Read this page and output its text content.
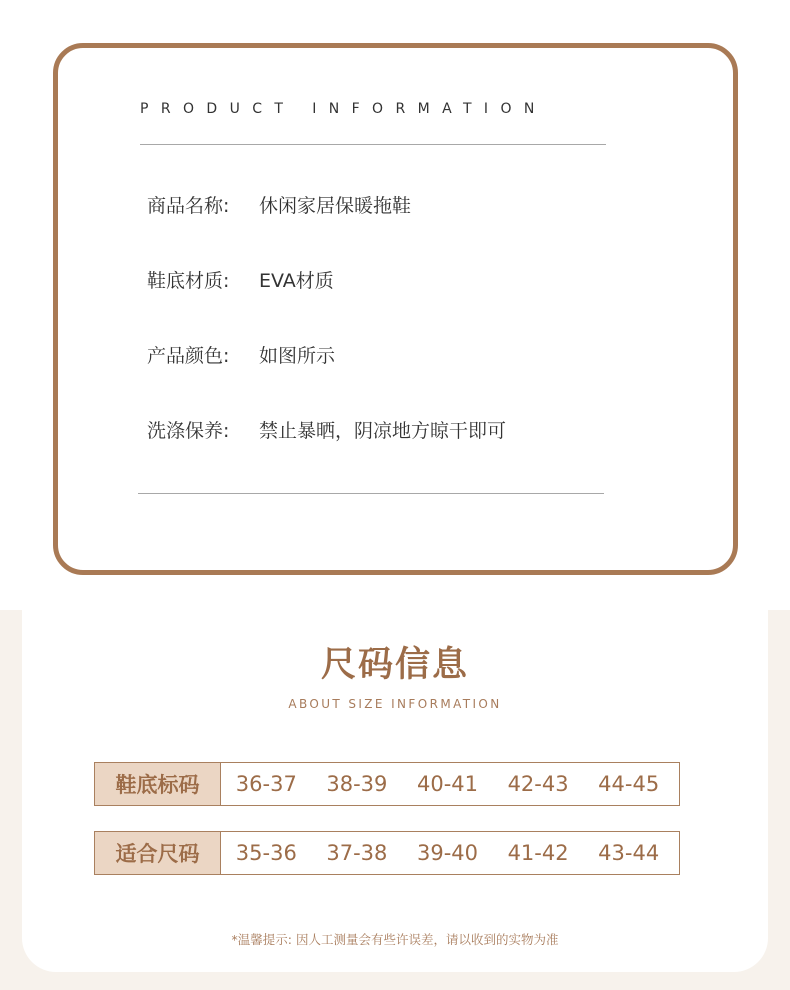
PRODUCT INFORMATION
商品名称: 休闲家居保暖拖鞋
鞋底材质: EVA材质
产品颜色: 如图所示
洗涤保养: 禁止暴晒，阴凉地方晾干即可
尺码信息
ABOUT SIZE INFORMATION
鞋底标码	36-37	38-39	40-41	42-43	44-45
适合尺码	35-36	37-38	39-40	41-42	43-44
*温馨提示: 因人工测量会有些许误差，请以收到的实物为准
